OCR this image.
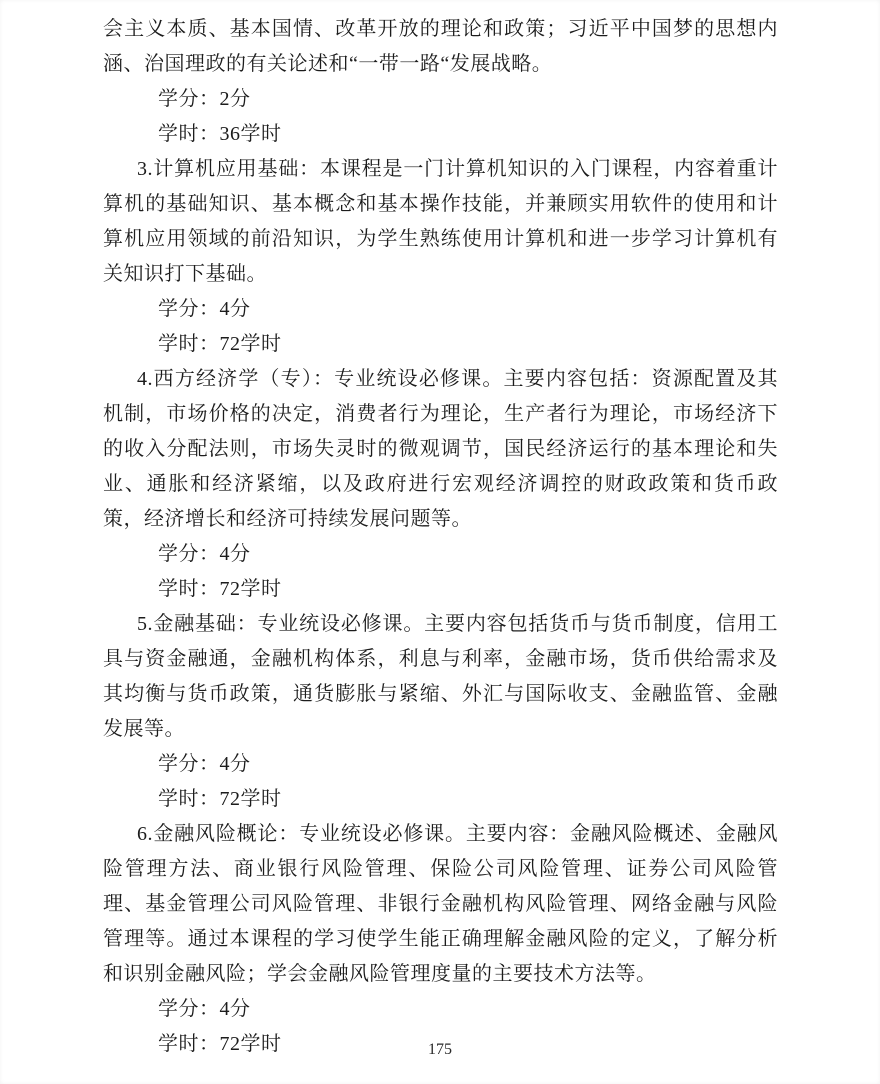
会主义本质、基本国情、改革开放的理论和政策；习近平中国梦的思想内涵、治国理政的有关论述和“一带一路“发展战略。

学分：2分

学时：36学时

3.计算机应用基础：本课程是一门计算机知识的入门课程，内容着重计算机的基础知识、基本概念和基本操作技能，并兼顾实用软件的使用和计算机应用领域的前沿知识，为学生熟练使用计算机和进一步学习计算机有关知识打下基础。

学分：4分

学时：72学时

4.西方经济学（专）：专业统设必修课。主要内容包括：资源配置及其机制，市场价格的决定，消费者行为理论，生产者行为理论，市场经济下的收入分配法则，市场失灵时的微观调节，国民经济运行的基本理论和失业、通胀和经济紧缩，以及政府进行宏观经济调控的财政政策和货币政策，经济增长和经济可持续发展问题等。

学分：4分

学时：72学时

5.金融基础：专业统设必修课。主要内容包括货币与货币制度，信用工具与资金融通，金融机构体系，利息与利率，金融市场，货币供给需求及其均衡与货币政策，通货膨胀与紧缩、外汇与国际收支、金融监管、金融发展等。

学分：4分

学时：72学时

6.金融风险概论：专业统设必修课。主要内容：金融风险概述、金融风险管理方法、商业银行风险管理、保险公司风险管理、证券公司风险管理、基金管理公司风险管理、非银行金融机构风险管理、网络金融与风险管理等。通过本课程的学习使学生能正确理解金融风险的定义，了解分析和识别金融风险；学会金融风险管理度量的主要技术方法等。

学分：4分

学时：72学时	175
